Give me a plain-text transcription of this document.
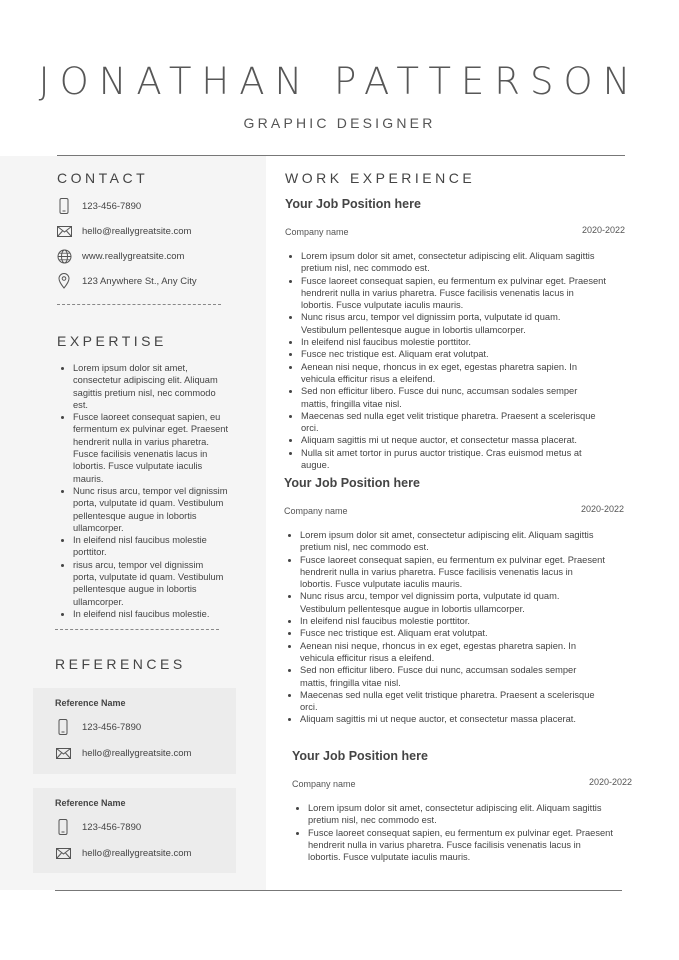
JONATHAN PATTERSON
GRAPHIC DESIGNER
CONTACT
123-456-7890
hello@reallygreatsite.com
www.reallygreatsite.com
123 Anywhere St., Any City
EXPERTISE
• Lorem ipsum dolor sit amet, consectetur adipiscing elit. Aliquam sagittis pretium nisl, nec commodo est.
• Fusce laoreet consequat sapien, eu fermentum ex pulvinar eget. Praesent hendrerit nulla in varius pharetra. Fusce facilisis venenatis lacus in lobortis. Fusce vulputate iaculis mauris.
• Nunc risus arcu, tempor vel dignissim porta, vulputate id quam. Vestibulum pellentesque augue in lobortis ullamcorper.
• In eleifend nisl faucibus molestie porttitor.
• risus arcu, tempor vel dignissim porta, vulputate id quam. Vestibulum pellentesque augue in lobortis ullamcorper.
• In eleifend nisl faucibus molestie.
REFERENCES
Reference Name
123-456-7890
hello@reallygreatsite.com
Reference Name
123-456-7890
hello@reallygreatsite.com
WORK EXPERIENCE
Your Job Position here
Company name	2020-2022
• Lorem ipsum dolor sit amet, consectetur adipiscing elit. Aliquam sagittis pretium nisl, nec commodo est.
• Fusce laoreet consequat sapien, eu fermentum ex pulvinar eget. Praesent hendrerit nulla in varius pharetra. Fusce facilisis venenatis lacus in lobortis. Fusce vulputate iaculis mauris.
• Nunc risus arcu, tempor vel dignissim porta, vulputate id quam. Vestibulum pellentesque augue in lobortis ullamcorper.
• In eleifend nisl faucibus molestie porttitor.
• Fusce nec tristique est. Aliquam erat volutpat.
• Aenean nisi neque, rhoncus in ex eget, egestas pharetra sapien. In vehicula efficitur risus a eleifend.
• Sed non efficitur libero. Fusce dui nunc, accumsan sodales semper mattis, fringilla vitae nisl.
• Maecenas sed nulla eget velit tristique pharetra. Praesent a scelerisque orci.
• Aliquam sagittis mi ut neque auctor, et consectetur massa placerat.
• Nulla sit amet tortor in purus auctor tristique. Cras euismod metus at augue.
Your Job Position here
Company name	2020-2022
• Lorem ipsum dolor sit amet, consectetur adipiscing elit. Aliquam sagittis pretium nisl, nec commodo est.
• Fusce laoreet consequat sapien, eu fermentum ex pulvinar eget. Praesent hendrerit nulla in varius pharetra. Fusce facilisis venenatis lacus in lobortis. Fusce vulputate iaculis mauris.
• Nunc risus arcu, tempor vel dignissim porta, vulputate id quam. Vestibulum pellentesque augue in lobortis ullamcorper.
• In eleifend nisl faucibus molestie porttitor.
• Fusce nec tristique est. Aliquam erat volutpat.
• Aenean nisi neque, rhoncus in ex eget, egestas pharetra sapien. In vehicula efficitur risus a eleifend.
• Sed non efficitur libero. Fusce dui nunc, accumsan sodales semper mattis, fringilla vitae nisl.
• Maecenas sed nulla eget velit tristique pharetra. Praesent a scelerisque orci.
• Aliquam sagittis mi ut neque auctor, et consectetur massa placerat.
Your Job Position here
Company name	2020-2022
• Lorem ipsum dolor sit amet, consectetur adipiscing elit. Aliquam sagittis pretium nisl, nec commodo est.
• Fusce laoreet consequat sapien, eu fermentum ex pulvinar eget. Praesent hendrerit nulla in varius pharetra. Fusce facilisis venenatis lacus in lobortis. Fusce vulputate iaculis mauris.
